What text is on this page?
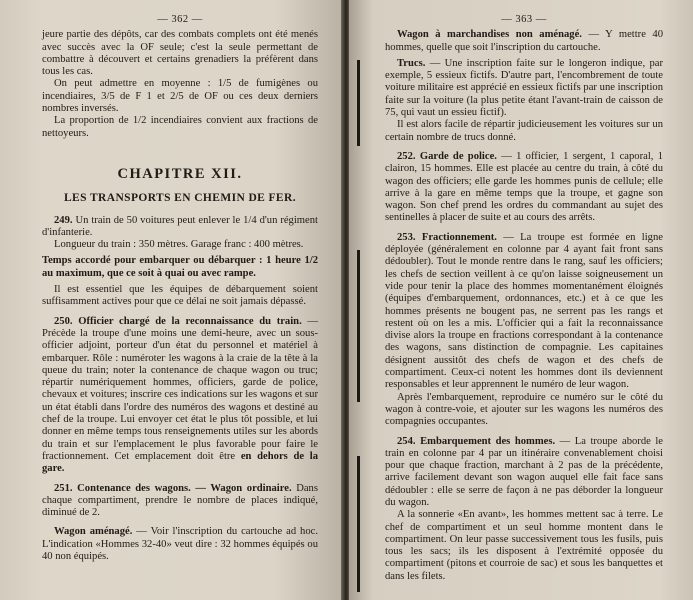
— 362 —

jeure partie des dépôts, car des combats complets ont été menés avec succès avec la OF seule; c'est la seule permettant de combattre à découvert et certains grenadiers la préfèrent dans tous les cas.

On peut admettre en moyenne : 1/5 de fumigènes ou incendiaires, 3/5 de F 1 et 2/5 de OF ou ces deux derniers nombres inversés.

La proportion de 1/2 incendiaires convient aux fractions de nettoyeurs.

CHAPITRE XII.
LES TRANSPORTS EN CHEMIN DE FER.

249. Un train de 50 voitures peut enlever le 1/4 d'un régiment d'infanterie.

Longueur du train : 350 mètres. Garage franc : 400 mètres.

Temps accordé pour embarquer ou débarquer : 1 heure 1/2 au maximum, que ce soit à quai ou avec rampe.

Il est essentiel que les équipes de débarquement soient suffisamment actives pour que ce délai ne soit jamais dépassé.

250. Officier chargé de la reconnaissance du train. — Précède la troupe d'une moins une demi-heure, avec un sous-officier adjoint, porteur d'un état du personnel et matériel à embarquer. Rôle : numérotег les wagons à la craie de la tête à la queue du train; noter la contenance de chaque wagon ou truc; répartir numériquement hommes, officiers, garde de police, chevaux et voitures; inscrire ces indications sur les wagons et sur un état établi dans l'ordre des numéros des wagons et destiné au chef de la troupe. Lui envoyer cet état le plus tôt possible, et lui donner en même temps tous renseignements utiles sur les abords du train et sur l'emplacement le plus favorable pour faire le fractionnement. Cet emplacement doit être en dehors de la gare.

251. Contenance des wagons. — Wagon ordinaire. Dans chaque compartiment, prendre le nombre de places indiqué, diminué de 2.

Wagon aménagé. — Voir l'inscription du cartouche ad hoc. L'indication «Hommes 32-40» veut dire : 32 hommes équipés ou 40 non équipés.

— 363 —

Wagon à marchandises non aménagé. — Y mettre 40 hommes, quelle que soit l'inscription du cartouche.

Trucs. — Une inscription faite sur le longeron indique, par exemple, 5 essieux fictifs. D'autre part, l'encombrement de toute voiture militaire est apprécié en essieux fictifs par une inscription faite sur la voiture (la plus petite étant l'avant-train de caisson de 75, qui vaut un essieu fictif).

Il est alors facile de répartir judicieusement les voitures sur un certain nombre de trucs donné.

252. Garde de police. — 1 officier, 1 sergent, 1 caporal, 1 clairon, 15 hommes. Elle est placée au centre du train, à côté du wagon des officiers; elle garde les hommes punis de cellule; elle arrive à la gare en même temps que la troupe, et gagne son wagon. Son chef prend les ordres du commandant au sujet des sentinelles à placer de suite et au cours des arrêts.

253. Fractionnement. — La troupe est formée en ligne déployée (généralement en colonne par 4 ayant fait front sans dédoubler). Tout le monde rentre dans le rang, sauf les officiers; les chefs de section veillent à ce qu'on laisse soigneusement un vide pour tenir la place des hommes momentanément éloignés (équipes d'embarquement, ordonnances, etc.) et à ce que les hommes présents ne bougent pas, ne serrent pas les rangs et restent où on les a mis. L'officier qui a fait la reconnaissance divise alors la troupe en fractions correspondant à la contenance des wagons, sans distinction de compagnie. Les capitaines désignent aussitôt des chefs de wagon et des chefs de compartiment. Ceux-ci notent les hommes dont ils deviennent responsables et leur apprennent le numéro de leur wagon.

Après l'embarquement, reproduire ce numéro sur le côté du wagon à contre-voie, et ajouter sur les wagons les numéros des compagnies occupantes.

254. Embarquement des hommes. — La troupe aborde le train en colonne par 4 par un itinéraire convenablement choisi pour que chaque fraction, marchant à 2 pas de la précédente, arrive facilement devant son wagon auquel elle fait face sans dédoubler : elle se serre de façon à ne pas déborder la longueur du wagon.

A la sonnerie «En avant», les hommes mettent sac à terre. Le chef de compartiment et un seul homme montent dans le compartiment. On leur passe successivement tous les fusils, puis tous les sacs; ils les disposent à l'extrémité opposée du compartiment (pitons et courroie de sac) et sous les banquettes et dans les filets.
